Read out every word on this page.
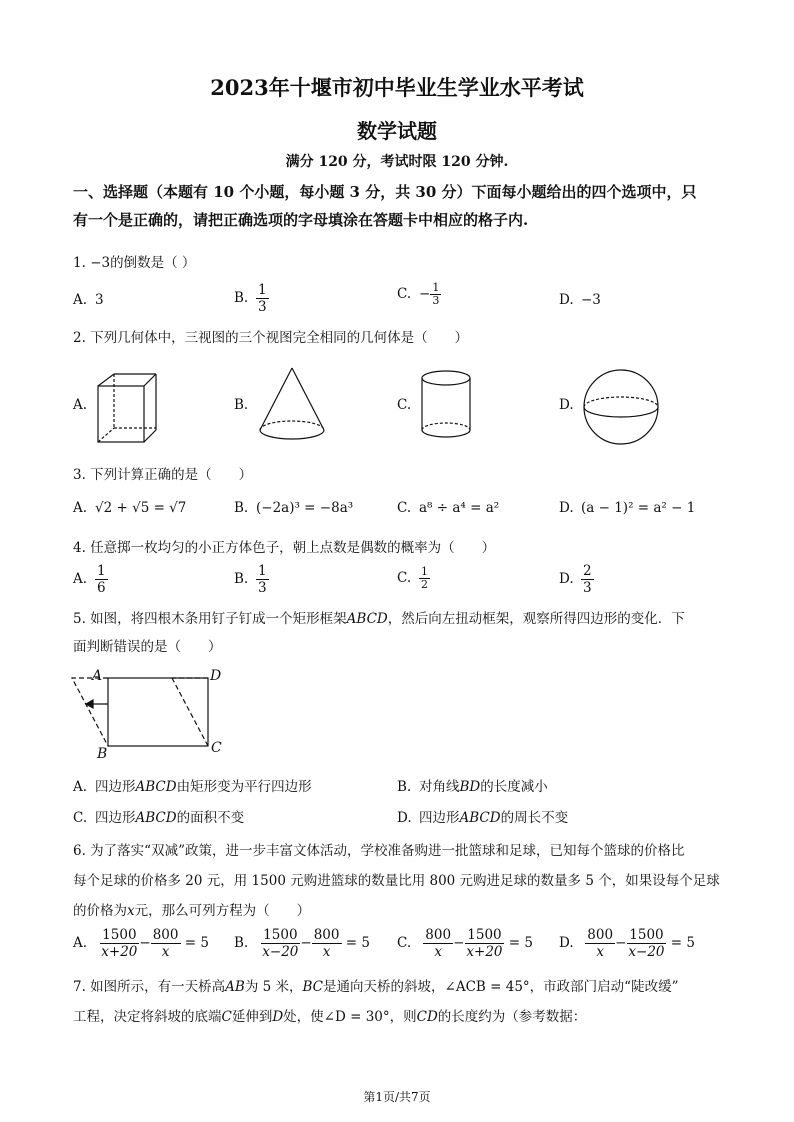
2023年十堰市初中毕业生学业水平考试
数学试题
满分 120 分，考试时限 120 分钟.
一、选择题（本题有 10 个小题，每小题 3 分，共 30 分）下面每小题给出的四个选项中，只
有一个是正确的，请把正确选项的字母填涂在答题卡中相应的格子内.
1. −3的倒数是（ ）
A. 3	B. $\frac{1}{3}$	C. − $\frac{1}{3}$	D. −3
2. 下列几何体中，三视图的三个视图完全相同的几何体是（　　）
A.	B.	C.	D.
3. 下列计算正确的是（　　）
A. √2 + √5 = √7	B. (−2a)³ = −8a³	C. a⁸ ÷ a⁴ = a²	D. (a − 1)² = a² − 1
4. 任意掷一枚均匀的小正方体色子，朝上点数是偶数的概率为（　　）
A. $\frac{1}{6}$	B. $\frac{1}{3}$	C. $\frac{1}{2}$	D. $\frac{2}{3}$
5. 如图，将四根木条用钉子钉成一个矩形框架ABCD，然后向左扭动框架，观察所得四边形的变化．下
面判断错误的是（　　）
A
B	C
D
A. 四边形ABCD由矩形变为平行四边形	B. 对角线BD的长度减小
C. 四边形ABCD的面积不变	D. 四边形ABCD的周长不变
6. 为了落实“双减”政策，进一步丰富文体活动，学校准备购进一批篮球和足球，已知每个篮球的价格比
每个足球的价格多 20 元，用 1500 元购进篮球的数量比用 800 元购进足球的数量多 5 个，如果设每个足球
的价格为x元，那么可列方程为（　　）
A. $\frac{1500}{x+20} - \frac{800}{x} = 5$ B. $\frac{1500}{x-20} - \frac{800}{x} = 5$ C. $\frac{800}{x} - \frac{1500}{x+20} = 5$ D. $\frac{800}{x} - \frac{1500}{x-20} = 5$
7. 如图所示，有一天桥高AB为 5 米，BC是通向天桥的斜坡，∠ACB = 45°，市政部门启动“陡改缓”
工程，决定将斜坡的底端C延伸到D处，使∠D = 30°，则CD的长度约为（参考数据：
第1页/共7页
